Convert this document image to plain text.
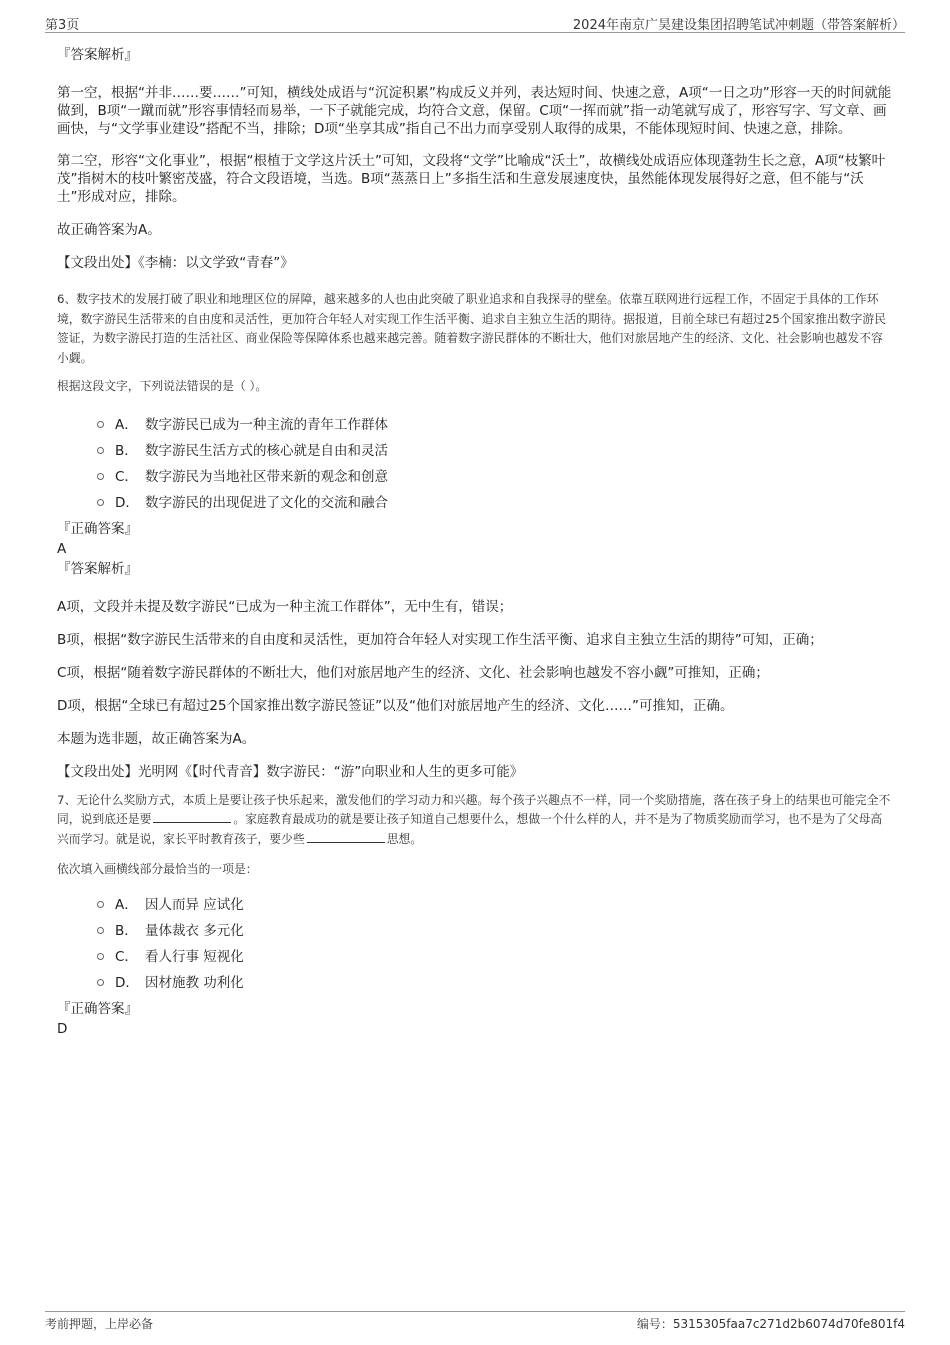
第3页	2024年南京广昊建设集团招聘笔试冲刺题（带答案解析）

『答案解析』

第一空，根据“并非……要……”可知，横线处成语与“沉淀积累”构成反义并列，表达短时间、快速之意，A项“一日之功”形容一天的时间就能做到，B项“一蹴而就”形容事情轻而易举，一下子就能完成，均符合文意，保留。C项“一挥而就”指一动笔就写成了，形容写字、写文章、画画快，与“文学事业建设”搭配不当，排除；D项“坐享其成”指自己不出力而享受别人取得的成果，不能体现短时间、快速之意，排除。

第二空，形容“文化事业”，根据“根植于文学这片沃土”可知，文段将“文学”比喻成“沃土”，故横线处成语应体现蓬勃生长之意，A项“枝繁叶茂”指树木的枝叶繁密茂盛，符合文段语境，当选。B项“蒸蒸日上”多指生活和生意发展速度快，虽然能体现发展得好之意，但不能与“沃土”形成对应，排除。

故正确答案为A。

【文段出处】《李楠：以文学致“青春”》

6、数字技术的发展打破了职业和地理区位的屏障，越来越多的人也由此突破了职业追求和自我探寻的壁垒。依靠互联网进行远程工作，不固定于具体的工作环境，数字游民生活带来的自由度和灵活性，更加符合年轻人对实现工作生活平衡、追求自主独立生活的期待。据报道，目前全球已有超过25个国家推出数字游民签证，为数字游民打造的生活社区、商业保险等保障体系也越来越完善。随着数字游民群体的不断壮大，他们对旅居地产生的经济、文化、社会影响也越发不容小觑。

根据这段文字，下列说法错误的是（ ）。

A． 数字游民已成为一种主流的青年工作群体
B． 数字游民生活方式的核心就是自由和灵活
C． 数字游民为当地社区带来新的观念和创意
D． 数字游民的出现促进了文化的交流和融合

『正确答案』

A

『答案解析』

A项，文段并未提及数字游民“已成为一种主流工作群体”，无中生有，错误；

B项，根据“数字游民生活带来的自由度和灵活性，更加符合年轻人对实现工作生活平衡、追求自主独立生活的期待”可知，正确；

C项，根据“随着数字游民群体的不断壮大，他们对旅居地产生的经济、文化、社会影响也越发不容小觑”可推知，正确；

D项，根据“全球已有超过25个国家推出数字游民签证”以及“他们对旅居地产生的经济、文化……”可推知，正确。

本题为选非题，故正确答案为A。

【文段出处】光明网《【时代青音】数字游民：“游”向职业和人生的更多可能》

7、无论什么奖励方式，本质上是要让孩子快乐起来，激发他们的学习动力和兴趣。每个孩子兴趣点不一样，同一个奖励措施，落在孩子身上的结果也可能完全不同，说到底还是要	。家庭教育最成功的就是要让孩子知道自己想要什么，想做一个什么样的人，并不是为了物质奖励而学习，也不是为了父母高兴而学习。就是说，家长平时教育孩子，要少些	思想。

依次填入画横线部分最恰当的一项是：

A． 因人而异 应试化
B． 量体裁衣 多元化
C． 看人行事 短视化
D． 因材施教 功利化

『正确答案』

D

考前押题，上岸必备	编号：5315305faa7c271d2b6074d70fe801f4
